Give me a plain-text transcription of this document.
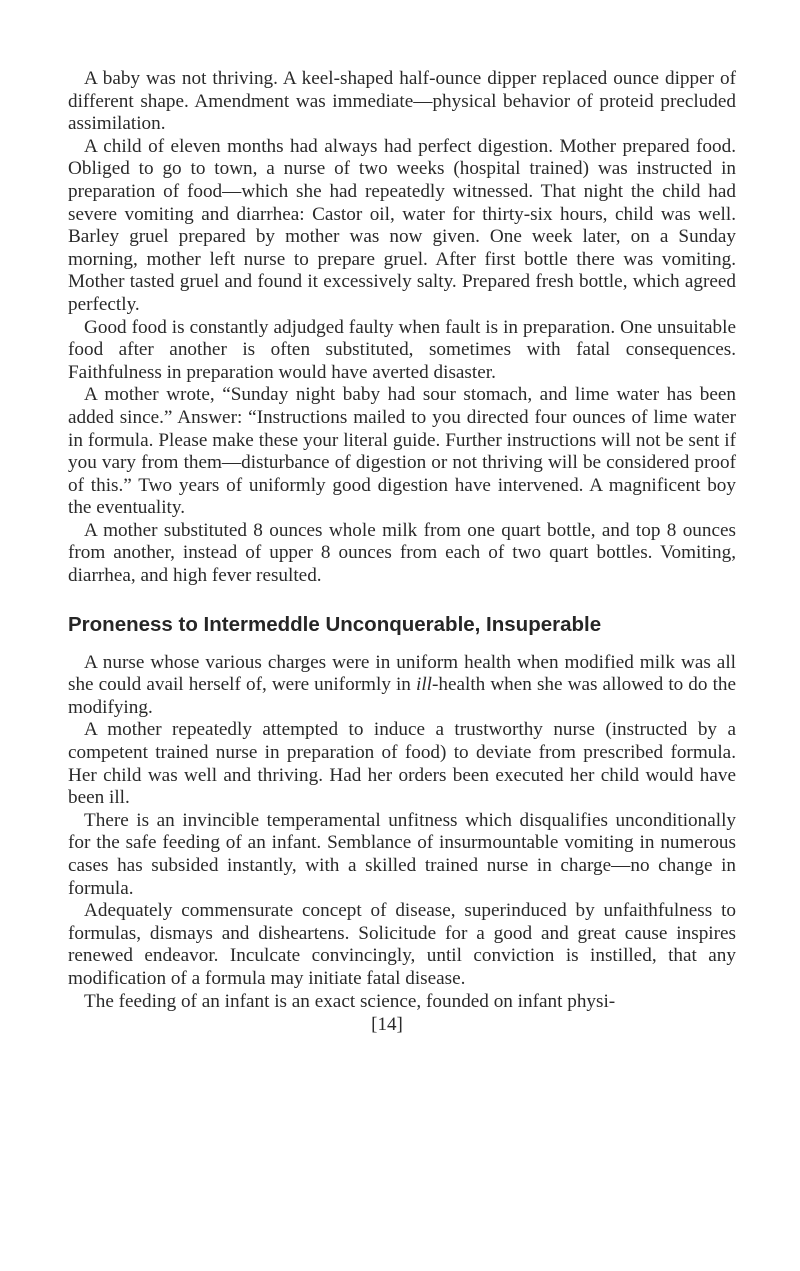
A baby was not thriving. A keel-shaped half-ounce dipper replaced ounce dipper of different shape. Amendment was immediate—physical behavior of proteid precluded assimilation.

A child of eleven months had always had perfect digestion. Mother prepared food. Obliged to go to town, a nurse of two weeks (hospital trained) was instructed in preparation of food—which she had repeatedly witnessed. That night the child had severe vomiting and diarrhea: Castor oil, water for thirty-six hours, child was well. Barley gruel prepared by mother was now given. One week later, on a Sunday morning, mother left nurse to prepare gruel. After first bottle there was vomiting. Mother tasted gruel and found it excessively salty. Prepared fresh bottle, which agreed perfectly.

Good food is constantly adjudged faulty when fault is in preparation. One unsuitable food after another is often substituted, sometimes with fatal consequences. Faithfulness in preparation would have averted disaster.

A mother wrote, “Sunday night baby had sour stomach, and lime water has been added since.” Answer: “Instructions mailed to you directed four ounces of lime water in formula. Please make these your literal guide. Further instructions will not be sent if you vary from them—disturbance of digestion or not thriving will be considered proof of this.” Two years of uniformly good digestion have intervened. A magnificent boy the eventuality.

A mother substituted 8 ounces whole milk from one quart bottle, and top 8 ounces from another, instead of upper 8 ounces from each of two quart bottles. Vomiting, diarrhea, and high fever resulted.

Proneness to Intermeddle Unconquerable, Insuperable

A nurse whose various charges were in uniform health when modified milk was all she could avail herself of, were uniformly in ill-health when she was allowed to do the modifying.

A mother repeatedly attempted to induce a trustworthy nurse (instructed by a competent trained nurse in preparation of food) to deviate from prescribed formula. Her child was well and thriving. Had her orders been executed her child would have been ill.

There is an invincible temperamental unfitness which disqualifies unconditionally for the safe feeding of an infant. Semblance of insurmountable vomiting in numerous cases has subsided instantly, with a skilled trained nurse in charge—no change in formula.

Adequately commensurate concept of disease, superinduced by unfaithfulness to formulas, dismays and disheartens. Solicitude for a good and great cause inspires renewed endeavor. Inculcate convincingly, until conviction is instilled, that any modification of a formula may initiate fatal disease.

The feeding of an infant is an exact science, founded on infant physi-

[14]
